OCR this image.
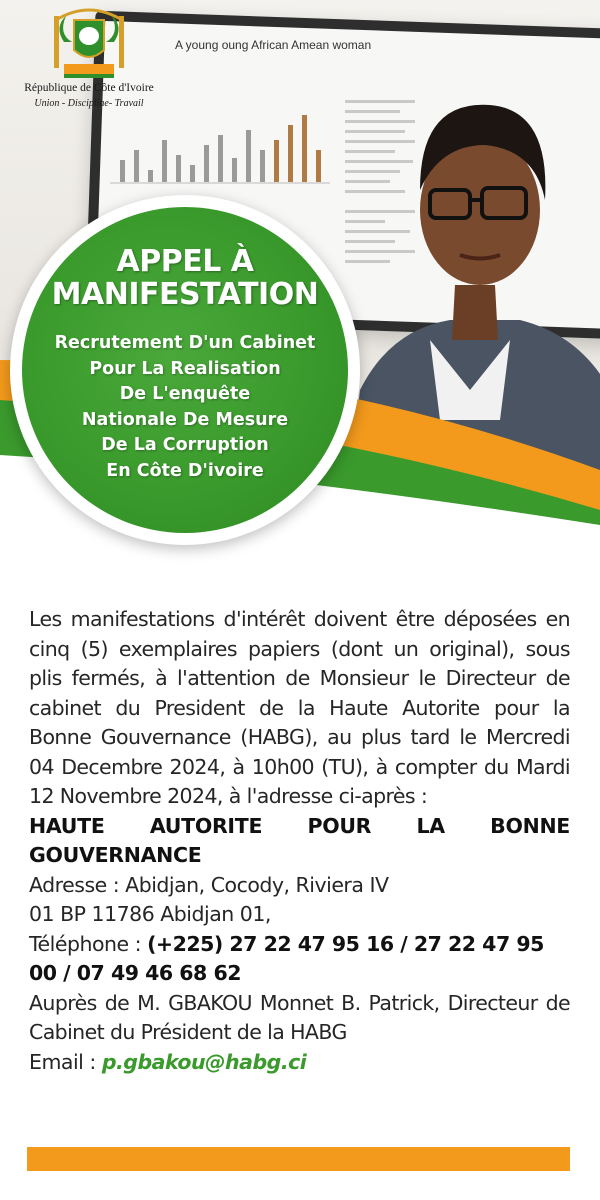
A young oung African Amean woman
République de Côte d'Ivoire
Union - Discipline- Travail
APPEL À
MANIFESTATION
Recrutement D'un Cabinet
Pour La Realisation
De L'enquête
Nationale De Mesure
De La Corruption
En Côte D'ivoire

Les manifestations d'intérêt doivent être déposées en cinq (5) exemplaires papiers (dont un original), sous plis fermés, à l'attention de Monsieur le Directeur de cabinet du President de la Haute Autorite pour la Bonne Gouvernance (HABG), au plus tard le Mercredi 04 Decembre 2024, à 10h00 (TU), à compter du Mardi 12 Novembre 2024, à l'adresse ci-après :

HAUTE AUTORITE POUR LA BONNE GOUVERNANCE

Adresse : Abidjan, Cocody, Riviera IV

01 BP 11786 Abidjan 01,

Téléphone : (+225) 27 22 47 95 16 / 27 22 47 95 00 / 07 49 46 68 62

Auprès de M. GBAKOU Monnet B. Patrick, Directeur de Cabinet du Président de la HABG

Email : p.gbakou@habg.ci
